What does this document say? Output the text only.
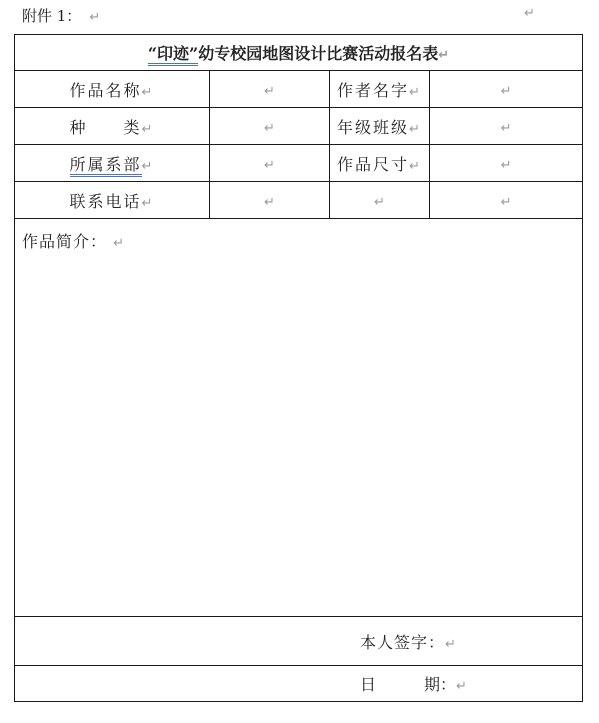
附件 1： ↵	↵
“印迹”幼专校园地图设计比赛活动报名表↵			
作品名称↵	↵	作者名字↵	↵
种　　类↵	↵	年级班级↵	↵
所属系部↵	↵	作品尺寸↵	↵
联系电话↵	↵	↵	↵

作品简介： ↵			

本人签字：↵			
日 期：↵			
